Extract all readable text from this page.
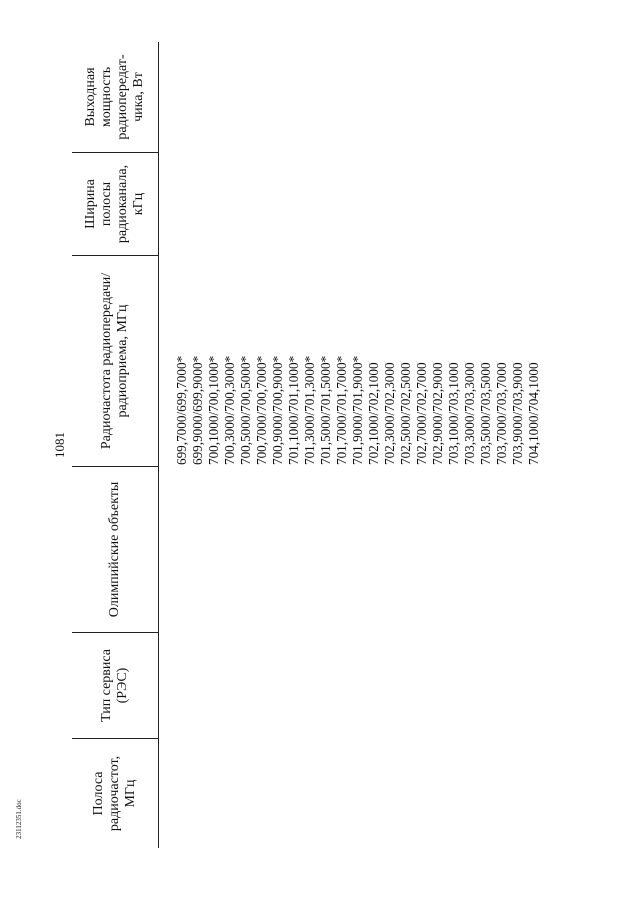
1081
23112351.doc
Полоса радиочастот, МГц
Тип сервиса (РЭС)
Олимпийские объекты
Радиочастота радиопередачи/ радиоприема, МГц
Ширина полосы радиоканала, кГц
Выходная мощность радиопередат-чика, Вт
699,7000/699,7000* 699,9000/699,9000* 700,1000/700,1000* 700,3000/700,3000* 700,5000/700,5000* 700,7000/700,7000* 700,9000/700,9000* 701,1000/701,1000* 701,3000/701,3000* 701,5000/701,5000* 701,7000/701,7000* 701,9000/701,9000* 702,1000/702,1000 702,3000/702,3000 702,5000/702,5000 702,7000/702,7000 702,9000/702,9000 703,1000/703,1000 703,3000/703,3000 703,5000/703,5000 703,7000/703,7000 703,9000/703,9000 704,1000/704,1000
